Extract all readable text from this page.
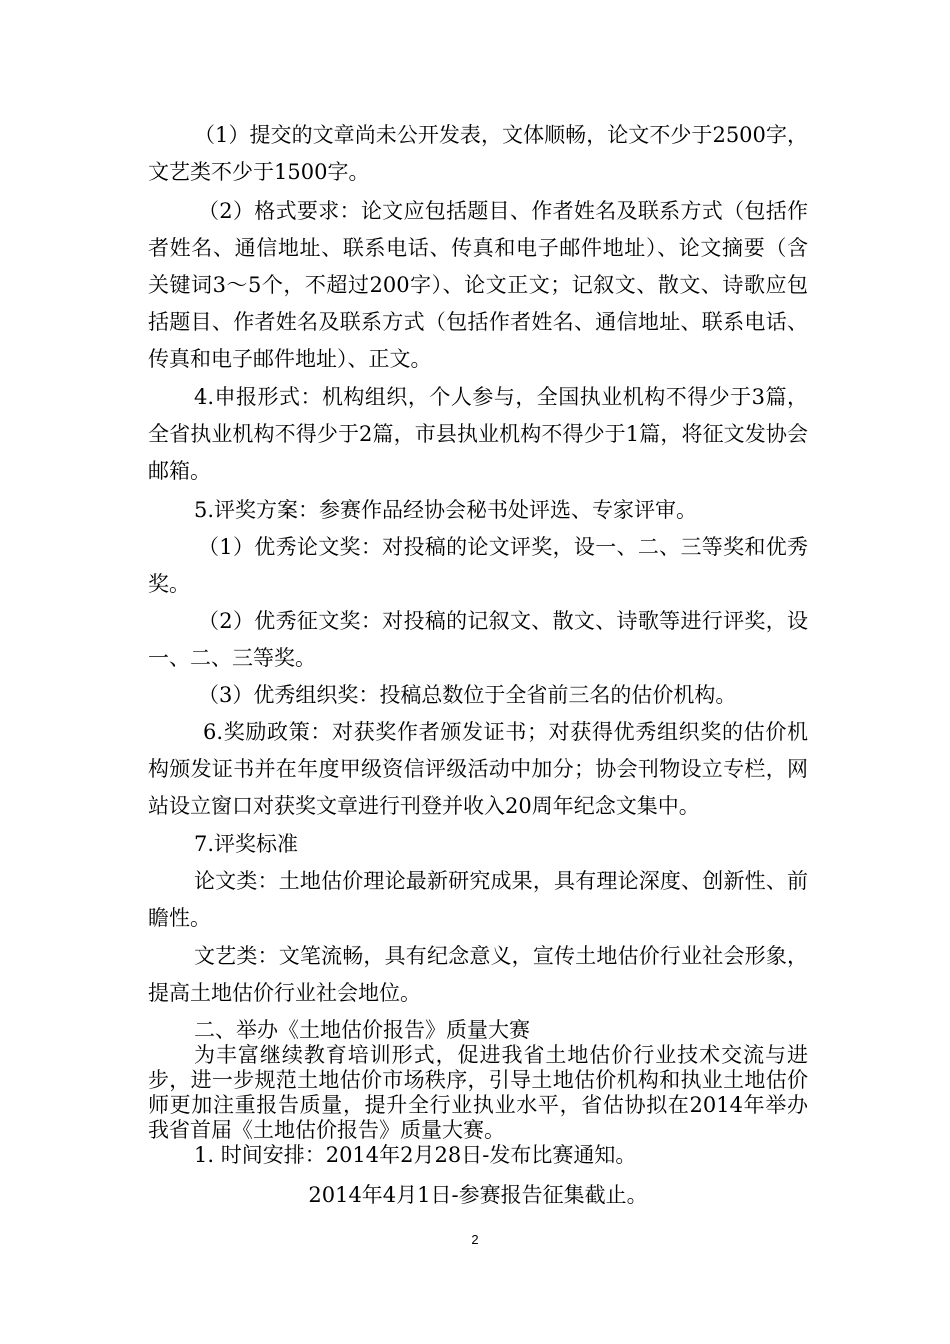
（1）提交的文章尚未公开发表，文体顺畅，论文不少于2500字，文艺类不少于1500字。
（2）格式要求：论文应包括题目、作者姓名及联系方式（包括作者姓名、通信地址、联系电话、传真和电子邮件地址）、论文摘要（含关键词3～5个，不超过200字）、论文正文；记叙文、散文、诗歌应包括题目、作者姓名及联系方式（包括作者姓名、通信地址、联系电话、传真和电子邮件地址）、正文。
4.申报形式：机构组织，个人参与，全国执业机构不得少于3篇，全省执业机构不得少于2篇，市县执业机构不得少于1篇，将征文发协会邮箱。
5.评奖方案：参赛作品经协会秘书处评选、专家评审。
（1）优秀论文奖：对投稿的论文评奖，设一、二、三等奖和优秀奖。
（2）优秀征文奖：对投稿的记叙文、散文、诗歌等进行评奖，设一、二、三等奖。
（3）优秀组织奖：投稿总数位于全省前三名的估价机构。
6.奖励政策：对获奖作者颁发证书；对获得优秀组织奖的估价机构颁发证书并在年度甲级资信评级活动中加分；协会刊物设立专栏，网站设立窗口对获奖文章进行刊登并收入20周年纪念文集中。
7.评奖标准
论文类：土地估价理论最新研究成果，具有理论深度、创新性、前瞻性。
文艺类：文笔流畅，具有纪念意义，宣传土地估价行业社会形象，提高土地估价行业社会地位。
二、举办《土地估价报告》质量大赛
为丰富继续教育培训形式，促进我省土地估价行业技术交流与进步，进一步规范土地估价市场秩序，引导土地估价机构和执业土地估价师更加注重报告质量，提升全行业执业水平，省估协拟在2014年举办我省首届《土地估价报告》质量大赛。
1. 时间安排：2014年2月28日-发布比赛通知。
2014年4月1日-参赛报告征集截止。
2
